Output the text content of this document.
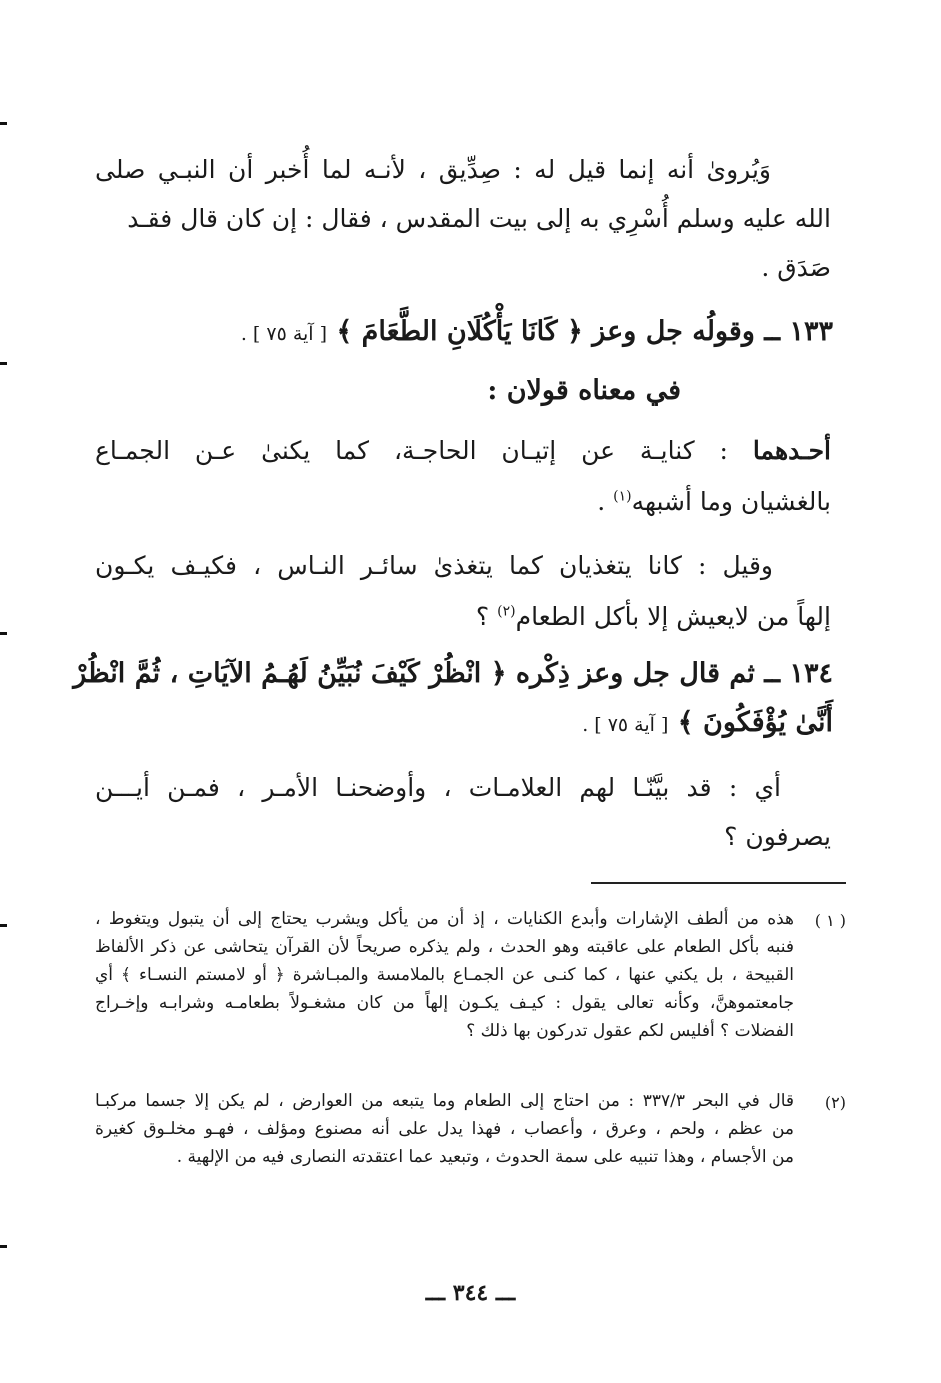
وَيُروىٰ أنه إنما قيل له : صِدِّيق ، لأنـه لما أُخبر أن النبـي صلى

الله عليه وسلم أُسْرِي به إلى بيت المقدس ، فقال : إن كان قال فقـد

صَدَق .

١٣٣ ــ وقولُه جل وعز ﴿ كَانَا يَأْكُلَانِ الطَّعَامَ ﴾ [ آية ٧٥ ] .

في معناه قولان :

أحـدهما : كنايـة عن إتيـان الحاجـة، كما يكنىٰ عـن الجمـاع

بالغشيان وما أشبهه$^{(١)}$ .

وقيل : كانا يتغذيان كما يتغذىٰ سائـر النـاس ، فكيـف يكـون

إلهاً من لايعيش إلا بأكل الطعام$^{(٢)}$ ؟

١٣٤ ــ ثم قال جل وعز ذِكْره ﴿ انْظُرْ كَيْفَ نُبَيِّنُ لَهُـمُ الآيَاتِ ، ثُمَّ انْظُرْ

أَنَّىٰ يُؤْفَكُونَ ﴾ [ آية ٧٥ ] .

أي : قد بيَّنّـا لهم العلامـات ، وأوضحنـا الأمـر ، فمـن أيـــن

يصرفون ؟

( ١ )

هذه من ألطف الإشارات وأبدع الكنايات ، إذ أن من يأكل ويشرب يحتاج إلى أن يتبول ويتغوط ،

فنبه بأكل الطعام على عاقبته وهو الحدث ، ولم يذكره صريحاً لأن القرآن يتحاشى عن ذكر الألفاظ

القبيحة ، بل يكني عنها ، كما كنـى عن الجمـاع بالملامسة والمبـاشرة ﴿ أو لامستم النسـاء ﴾ أي

جامعتموهنَّ، وكأنه تعالى يقول : كيـف يكـون إلهاً من كان مشغـولاً بطعامـه وشرابـه وإخـراج

الفضلات ؟ أفليس لكم عقول تدركون بها ذلك ؟

(٢)

قال في البحر ٣٣٧/٣ : من احتاج إلى الطعام وما يتبعه من العوارض ، لم يكن إلا جسما مركبـا

من عظم ، ولحم ، وعرق ، وأعصاب ، فهذا يدل على أنه مصنوع ومؤلف ، فهـو مخلـوق كغيرة

من الأجسام ، وهذا تنبيه على سمة الحدوث ، وتبعيد عما اعتقدته النصارى فيه من الإلهية .

ـــ ٣٤٤ ـــ
